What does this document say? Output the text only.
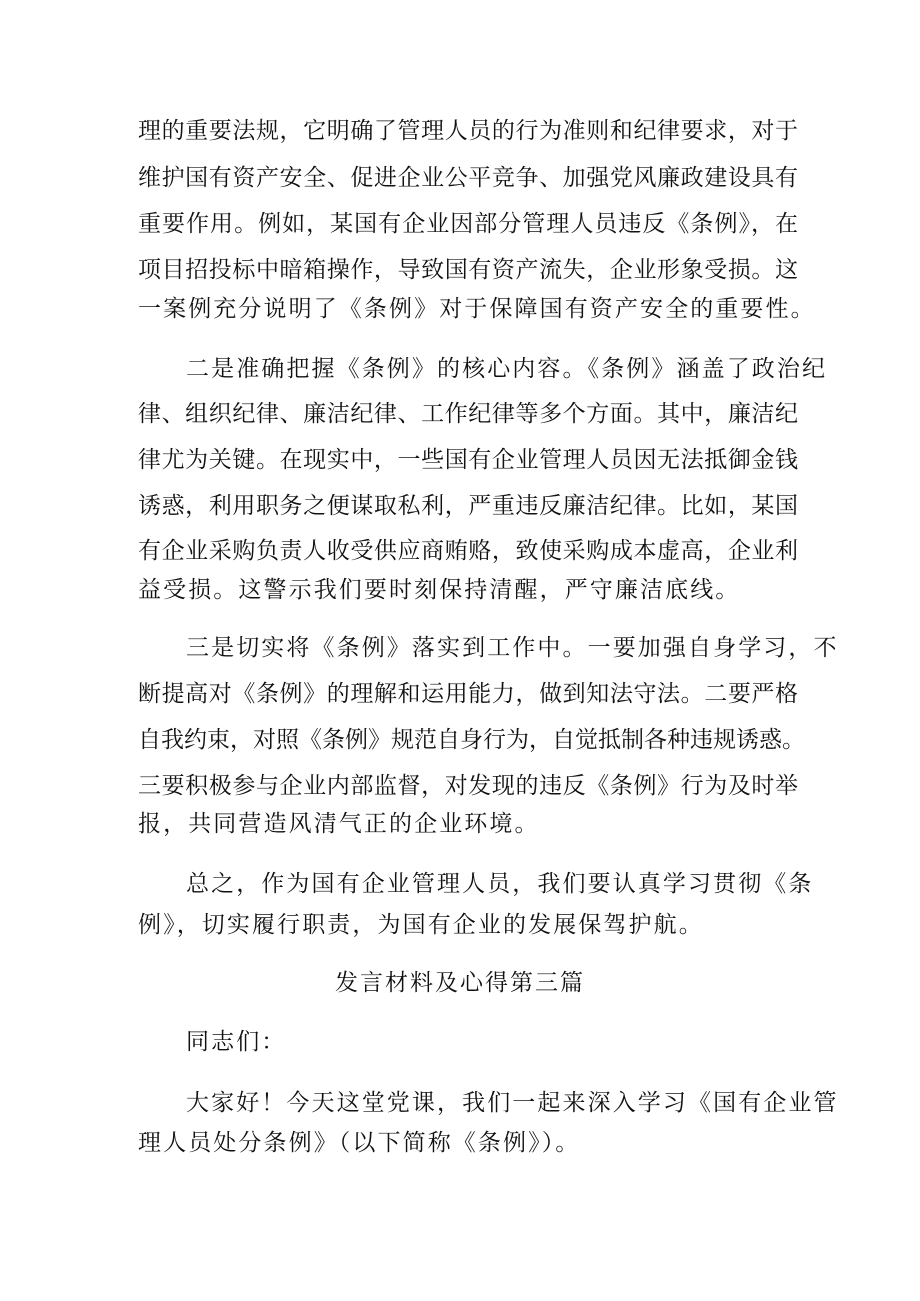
理的重要法规，它明确了管理人员的行为准则和纪律要求，对于
维护国有资产安全、促进企业公平竞争、加强党风廉政建设具有
重要作用。例如，某国有企业因部分管理人员违反《条例》，在
项目招投标中暗箱操作，导致国有资产流失，企业形象受损。这
一案例充分说明了《条例》对于保障国有资产安全的重要性。
二是准确把握《条例》的核心内容。《条例》涵盖了政治纪
律、组织纪律、廉洁纪律、工作纪律等多个方面。其中，廉洁纪
律尤为关键。在现实中，一些国有企业管理人员因无法抵御金钱
诱惑，利用职务之便谋取私利，严重违反廉洁纪律。比如，某国
有企业采购负责人收受供应商贿赂，致使采购成本虚高，企业利
益受损。这警示我们要时刻保持清醒，严守廉洁底线。
三是切实将《条例》落实到工作中。一要加强自身学习，不
断提高对《条例》的理解和运用能力，做到知法守法。二要严格
自我约束，对照《条例》规范自身行为，自觉抵制各种违规诱惑。
三要积极参与企业内部监督，对发现的违反《条例》行为及时举
报，共同营造风清气正的企业环境。
总之，作为国有企业管理人员，我们要认真学习贯彻《条
例》，切实履行职责，为国有企业的发展保驾护航。
发言材料及心得第三篇
同志们：
大家好！今天这堂党课，我们一起来深入学习《国有企业管
理人员处分条例》（以下简称《条例》）。
